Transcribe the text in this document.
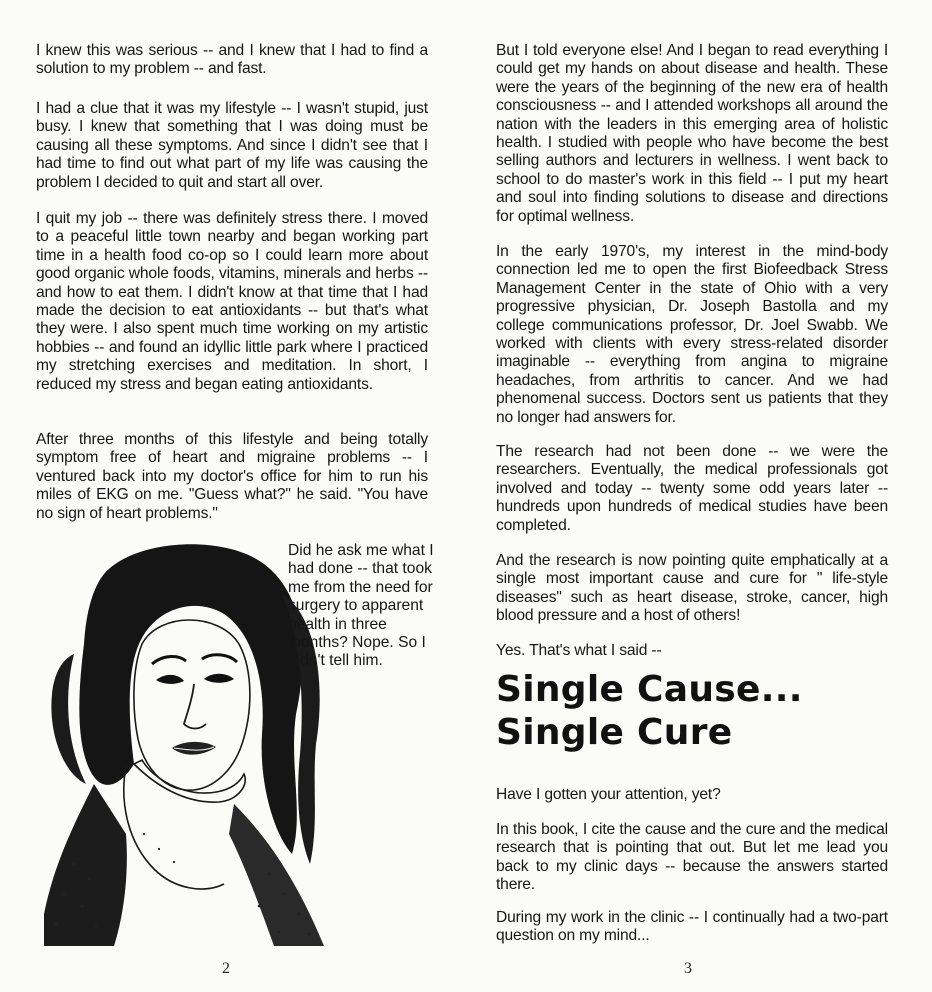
I knew this was serious -- and I knew that I had to find a solution to my problem -- and fast.

I had a clue that it was my lifestyle -- I wasn't stupid, just busy. I knew that something that I was doing must be causing all these symptoms. And since I didn't see that I had time to find out what part of my life was causing the problem I decided to quit and start all over.

I quit my job -- there was definitely stress there. I moved to a peaceful little town nearby and began working part time in a health food co-op so I could learn more about good organic whole foods, vitamins, minerals and herbs -- and how to eat them. I didn't know at that time that I had made the decision to eat antioxidants -- but that's what they were. I also spent much time working on my artistic hobbies -- and found an idyllic little park where I practiced my stretching exercises and meditation. In short, I reduced my stress and began eating antioxidants.

After three months of this lifestyle and being totally symptom free of heart and migraine problems -- I ventured back into my doctor's office for him to run his miles of EKG on me. "Guess what?" he said. "You have no sign of heart problems."

Did he ask me what I had done -- that took me from the need for surgery to apparent health in three months? Nope. So I didn't tell him.

2

But I told everyone else! And I began to read everything I could get my hands on about disease and health. These were the years of the beginning of the new era of health consciousness -- and I attended workshops all around the nation with the leaders in this emerging area of holistic health. I studied with people who have become the best selling authors and lecturers in wellness. I went back to school to do master's work in this field -- I put my heart and soul into finding solutions to disease and directions for optimal wellness.

In the early 1970's, my interest in the mind-body connection led me to open the first Biofeedback Stress Management Center in the state of Ohio with a very progressive physician, Dr. Joseph Bastolla and my college communications professor, Dr. Joel Swabb. We worked with clients with every stress-related disorder imaginable -- everything from angina to migraine headaches, from arthritis to cancer. And we had phenomenal success. Doctors sent us patients that they no longer had answers for.

The research had not been done -- we were the researchers. Eventually, the medical professionals got involved and today -- twenty some odd years later -- hundreds upon hundreds of medical studies have been completed.

And the research is now pointing quite emphatically at a single most important cause and cure for " life-style diseases" such as heart disease, stroke, cancer, high blood pressure and a host of others!

Yes. That's what I said --

Single Cause...
Single Cure

Have I gotten your attention, yet?

In this book, I cite the cause and the cure and the medical research that is pointing that out. But let me lead you back to my clinic days -- because the answers started there.

During my work in the clinic -- I continually had a two-part question on my mind...

3
